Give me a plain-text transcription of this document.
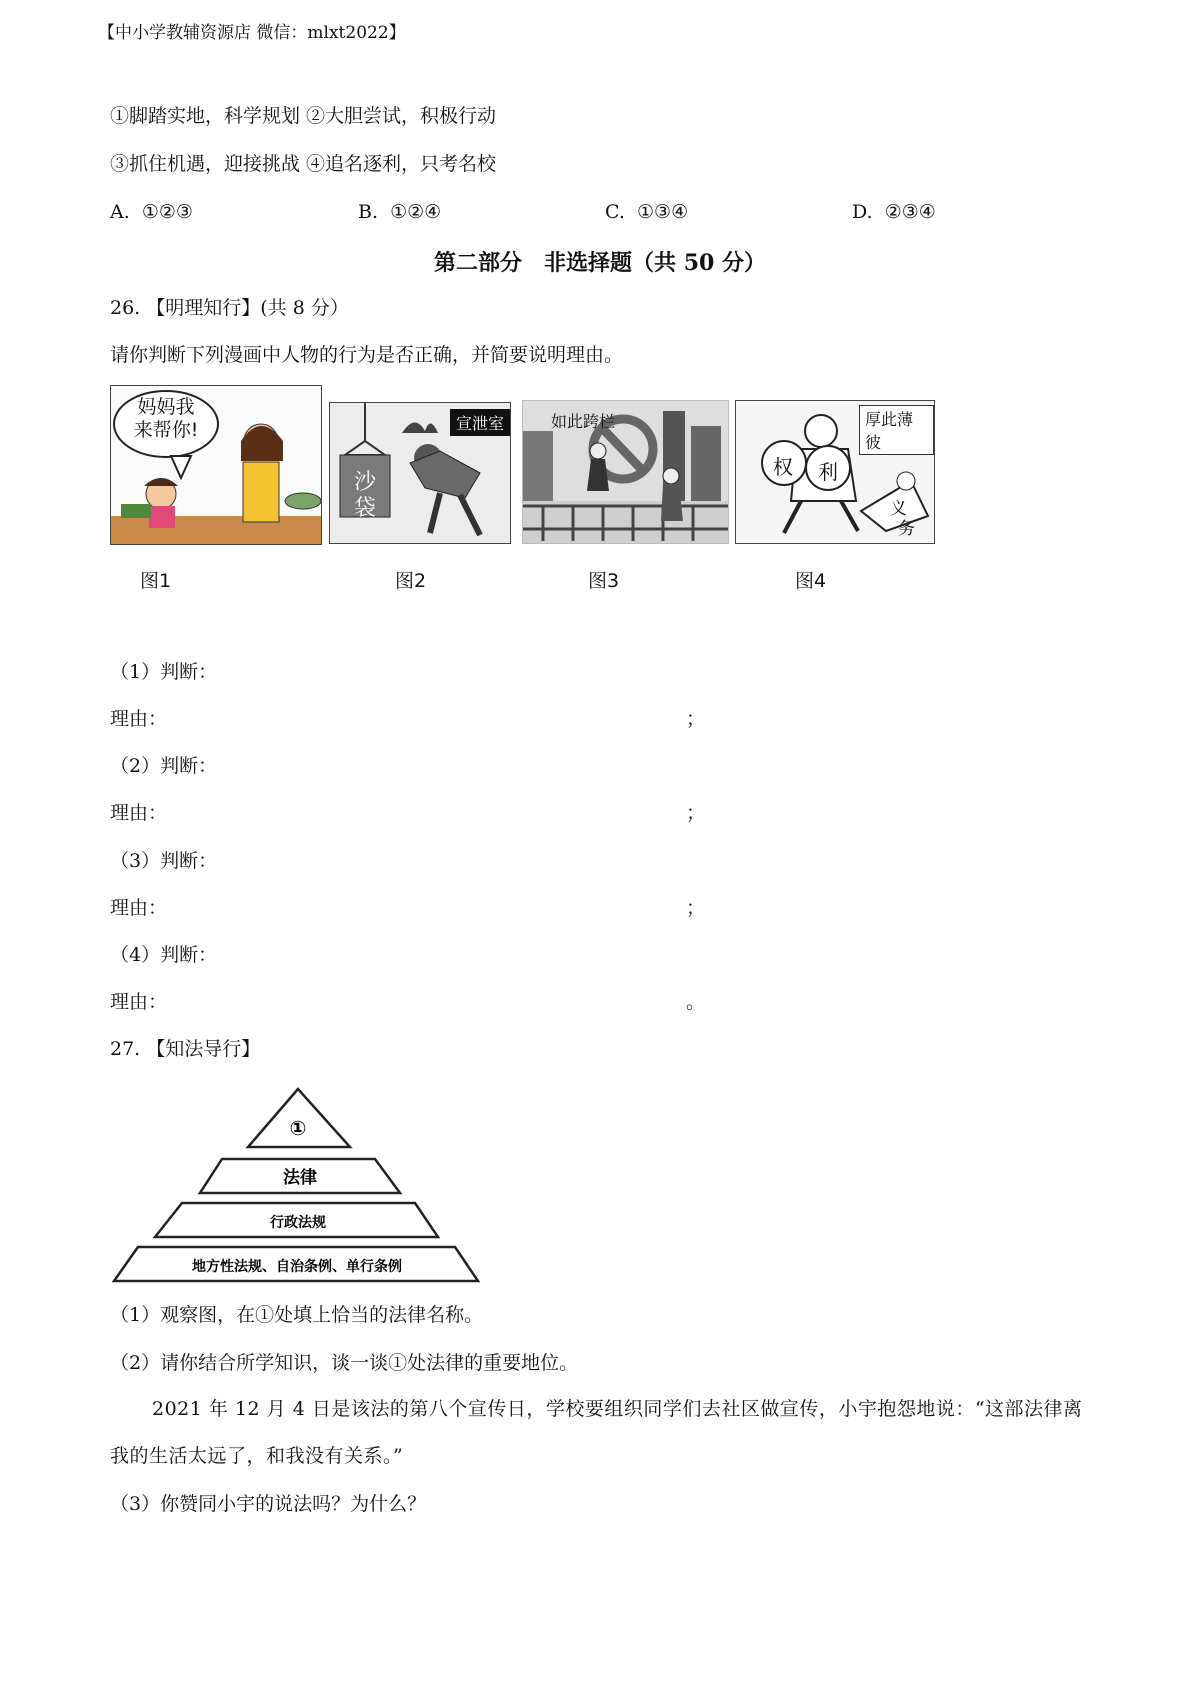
【中小学教辅资源店 微信：mlxt2022】
①脚踏实地，科学规划 ②大胆尝试，积极行动
③抓住机遇，迎接挑战 ④追名逐利，只考名校
A. ①②③	B. ①②④	C. ①③④	D. ②③④
第二部分　非选择题（共 50 分）
26. 【明理知行】(共 8 分）
请你判断下列漫画中人物的行为是否正确，并简要说明理由。
妈妈我来帮你!	宣泄室
沙
袋
如此跨栏	厚此薄彼
权 利
义
务
图1	图2	图3	图4
（1）判断：
理由：	；
（2）判断：
理由：	；
（3）判断：
理由：	；
（4）判断：
理由：	。
27. 【知法导行】
①
法律
行政法规
地方性法规、自治条例、单行条例
（1）观察图，在①处填上恰当的法律名称。
（2）请你结合所学知识，谈一谈①处法律的重要地位。
2021 年 12 月 4 日是该法的第八个宣传日，学校要组织同学们去社区做宣传，小宇抱怨地说：“这部法律离我的生活太远了，和我没有关系。”
（3）你赞同小宇的说法吗？为什么？
